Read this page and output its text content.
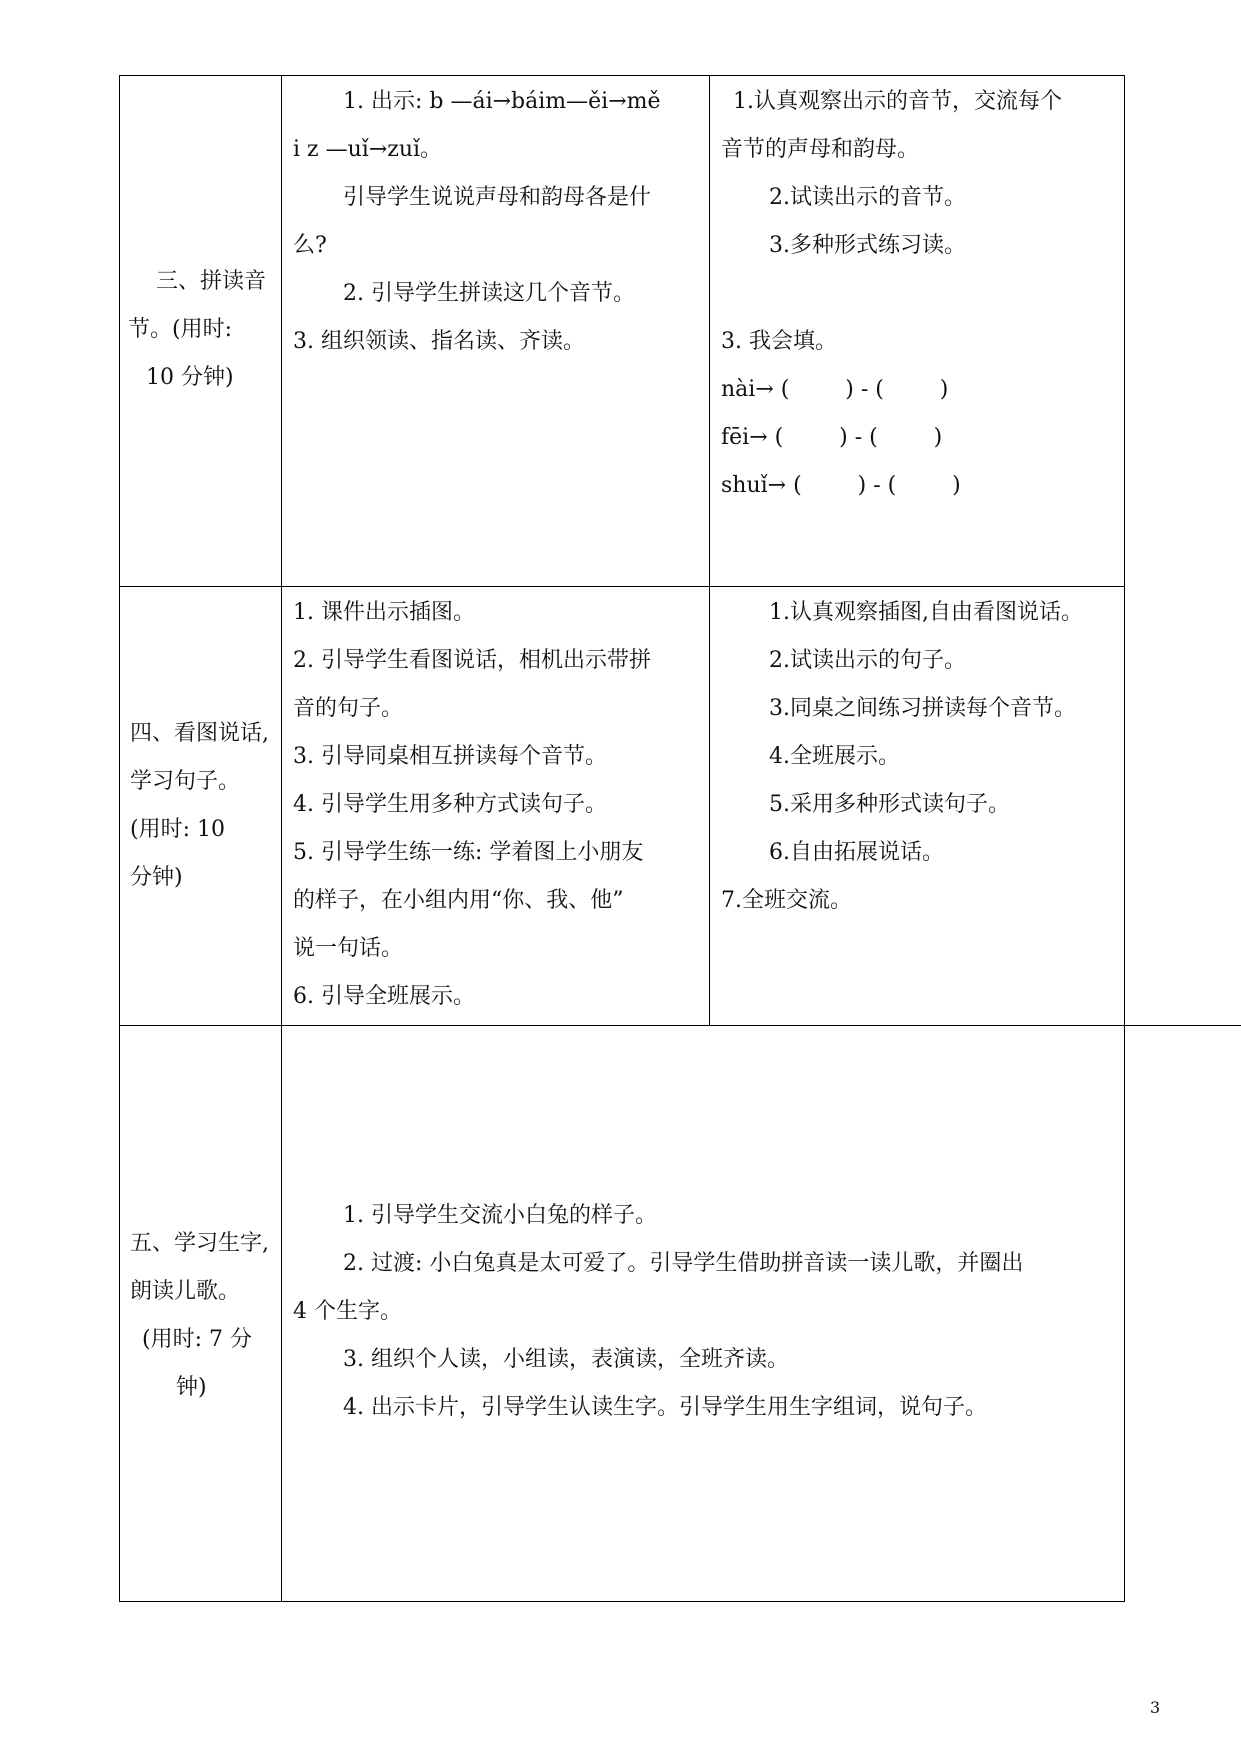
三、拼读音
节。(用时:
10 分钟)
1. 出示: b —ái→báim—ěi→mě
i z —uǐ→zuǐ。
引导学生说说声母和韵母各是什
么?
2. 引导学生拼读这几个音节。
3. 组织领读、指名读、齐读。
1.认真观察出示的音节，交流每个
音节的声母和韵母。
2.试读出示的音节。
3.多种形式练习读。
3. 我会填。
nài→ (        ) - (        )
fēi→ (        ) - (        )
shuǐ→ (        ) - (        )
四、看图说话,
学习句子。
(用时: 10
分钟)
1. 课件出示插图。
2. 引导学生看图说话，相机出示带拼
音的句子。
3. 引导同桌相互拼读每个音节。
4. 引导学生用多种方式读句子。
5. 引导学生练一练: 学着图上小朋友
的样子，在小组内用“你、我、他”
说一句话。
6. 引导全班展示。
1.认真观察插图,自由看图说话。
2.试读出示的句子。
3.同桌之间练习拼读每个音节。
4.全班展示。
5.采用多种形式读句子。
6.自由拓展说话。
7.全班交流。
五、学习生字,
朗读儿歌。
(用时: 7 分
钟)
1. 引导学生交流小白兔的样子。
2. 过渡: 小白兔真是太可爱了。引导学生借助拼音读一读儿歌，并圈出
4 个生字。
3. 组织个人读，小组读，表演读，全班齐读。
4. 出示卡片，引导学生认读生字。引导学生用生字组词，说句子。
3
